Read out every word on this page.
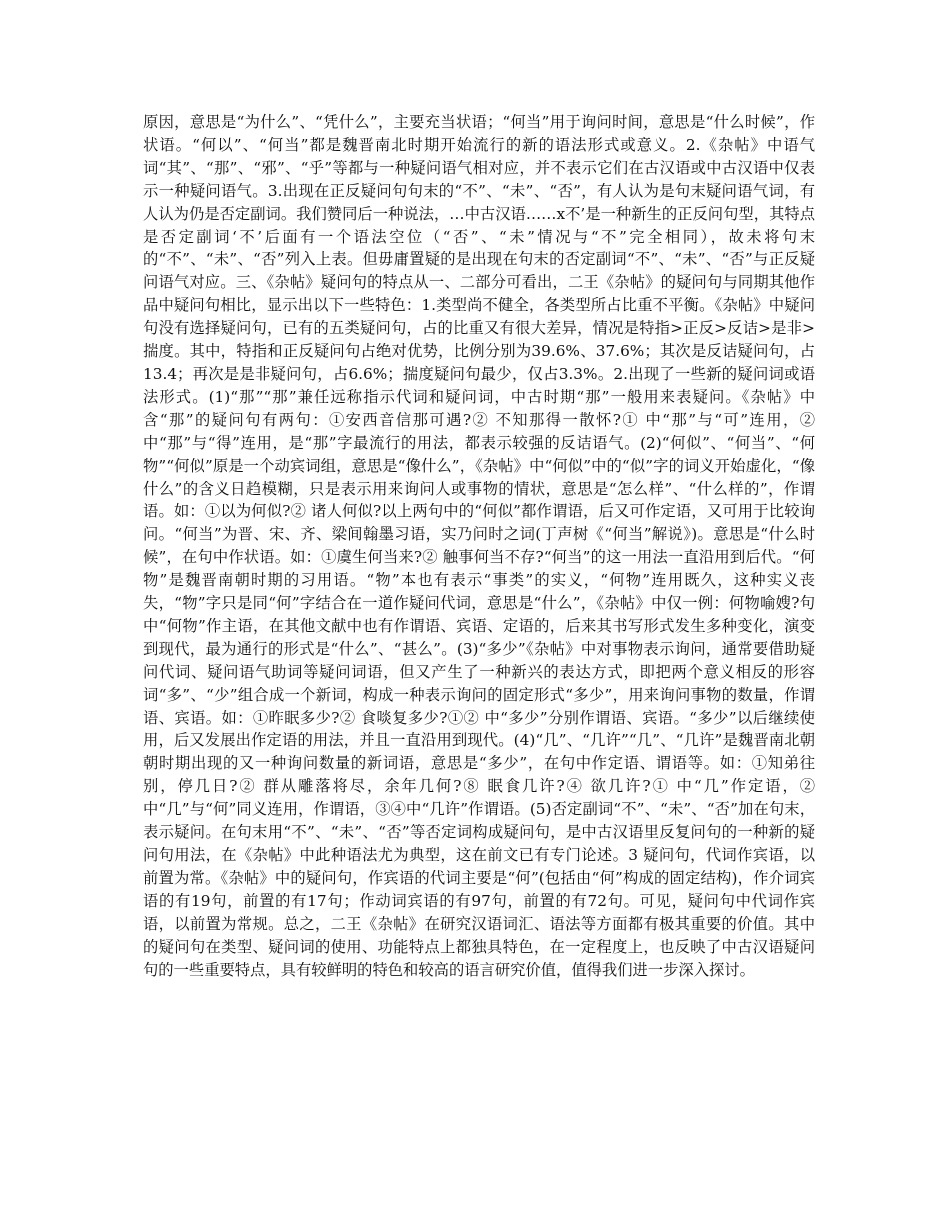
原因，意思是“为什么”、“凭什么”，主要充当状语；“何当”用于询问时间，意思是“什么时候”，作状语。“何以”、“何当”都是魏晋南北时期开始流行的新的语法形式或意义。2.《杂帖》中语气词“其”、“那”、“邪”、“乎”等都与一种疑问语气相对应，并不表示它们在古汉语或中古汉语中仅表示一种疑问语气。3.出现在正反疑问句句末的“不”、“未”、“否”，有人认为是句末疑问语气词，有人认为仍是否定副词。我们赞同后一种说法，…中古汉语……x不’是一种新生的正反问句型，其特点是否定副词‘不’后面有一个语法空位（“否”、“未”情况与“不”完全相同），故未将句末的“不”、“未”、“否”列入上表。但毋庸置疑的是出现在句末的否定副词“不”、“未”、“否”与正反疑问语气对应。三、《杂帖》疑问句的特点从一、二部分可看出，二王《杂帖》的疑问句与同期其他作品中疑问句相比，显示出以下一些特色：1.类型尚不健全，各类型所占比重不平衡。《杂帖》中疑问句没有选择疑问句，已有的五类疑问句，占的比重又有很大差异，情况是特指>正反>反诘>是非>揣度。其中，特指和正反疑问句占绝对优势，比例分别为39.6%、37.6%；其次是反诘疑问句，占13.4；再次是是非疑问句，占6.6%；揣度疑问句最少，仅占3.3%。2.出现了一些新的疑问词或语法形式。(1)“那”“那”兼任远称指示代词和疑问词，中古时期“那”一般用来表疑问。《杂帖》中含“那”的疑问句有两句：①安西音信那可遇?② 不知那得一散怀?① 中“那”与“可”连用，②中“那”与“得”连用，是“那”字最流行的用法，都表示较强的反诘语气。(2)“何似”、“何当”、“何物”“何似”原是一个动宾词组，意思是“像什么”，《杂帖》中“何似”中的“似”字的词义开始虚化，“像什么”的含义日趋模糊，只是表示用来询问人或事物的情状，意思是“怎么样”、“什么样的”，作谓语。如：①以为何似?② 诸人何似?以上两句中的“何似”都作谓语，后又可作定语，又可用于比较询问。“何当”为晋、宋、齐、梁间翰墨习语，实乃问时之词(丁声树《“何当”解说》)。意思是“什么时候”，在句中作状语。如：①虞生何当来?② 触事何当不存?“何当”的这一用法一直沿用到后代。“何物”是魏晋南朝时期的习用语。“物”本也有表示“事类”的实义，“何物”连用既久，这种实义丧失，“物”字只是同“何”字结合在一道作疑问代词，意思是“什么”，《杂帖》中仅一例：何物喻嫂?句中“何物”作主语，在其他文献中也有作谓语、宾语、定语的，后来其书写形式发生多种变化，演变到现代，最为通行的形式是“什么”、“甚么”。(3)“多少”《杂帖》中对事物表示询问，通常要借助疑问代词、疑问语气助词等疑问词语，但又产生了一种新兴的表达方式，即把两个意义相反的形容词“多”、“少”组合成一个新词，构成一种表示询问的固定形式“多少”，用来询问事物的数量，作谓语、宾语。如：①昨眠多少?② 食啖复多少?①② 中“多少”分别作谓语、宾语。“多少”以后继续使用，后又发展出作定语的用法，并且一直沿用到现代。(4)“几”、“几许”“几”、“几许”是魏晋南北朝朝时期出现的又一种询问数量的新词语，意思是“多少”，在句中作定语、谓语等。如：①知弟往别，停几日?② 群从雕落将尽，余年几何?⑧ 眠食几许?④ 欲几许?① 中“几”作定语，②中“几”与“何”同义连用，作谓语，③④中“几许”作谓语。(5)否定副词“不”、“未”、“否”加在句末，表示疑问。在句末用“不”、“未”、“否”等否定词构成疑问句，是中古汉语里反复问句的一种新的疑问句用法，在《杂帖》中此种语法尤为典型，这在前文已有专门论述。3 疑问句，代词作宾语，以前置为常。《杂帖》中的疑问句，作宾语的代词主要是“何”(包括由“何”构成的固定结构)，作介词宾语的有19句，前置的有17句；作动词宾语的有97句，前置的有72句。可见，疑问句中代词作宾语，以前置为常规。总之，二王《杂帖》在研究汉语词汇、语法等方面都有极其重要的价值。其中的疑问句在类型、疑问词的使用、功能特点上都独具特色，在一定程度上，也反映了中古汉语疑问句的一些重要特点，具有较鲜明的特色和较高的语言研究价值，值得我们进一步深入探讨。
